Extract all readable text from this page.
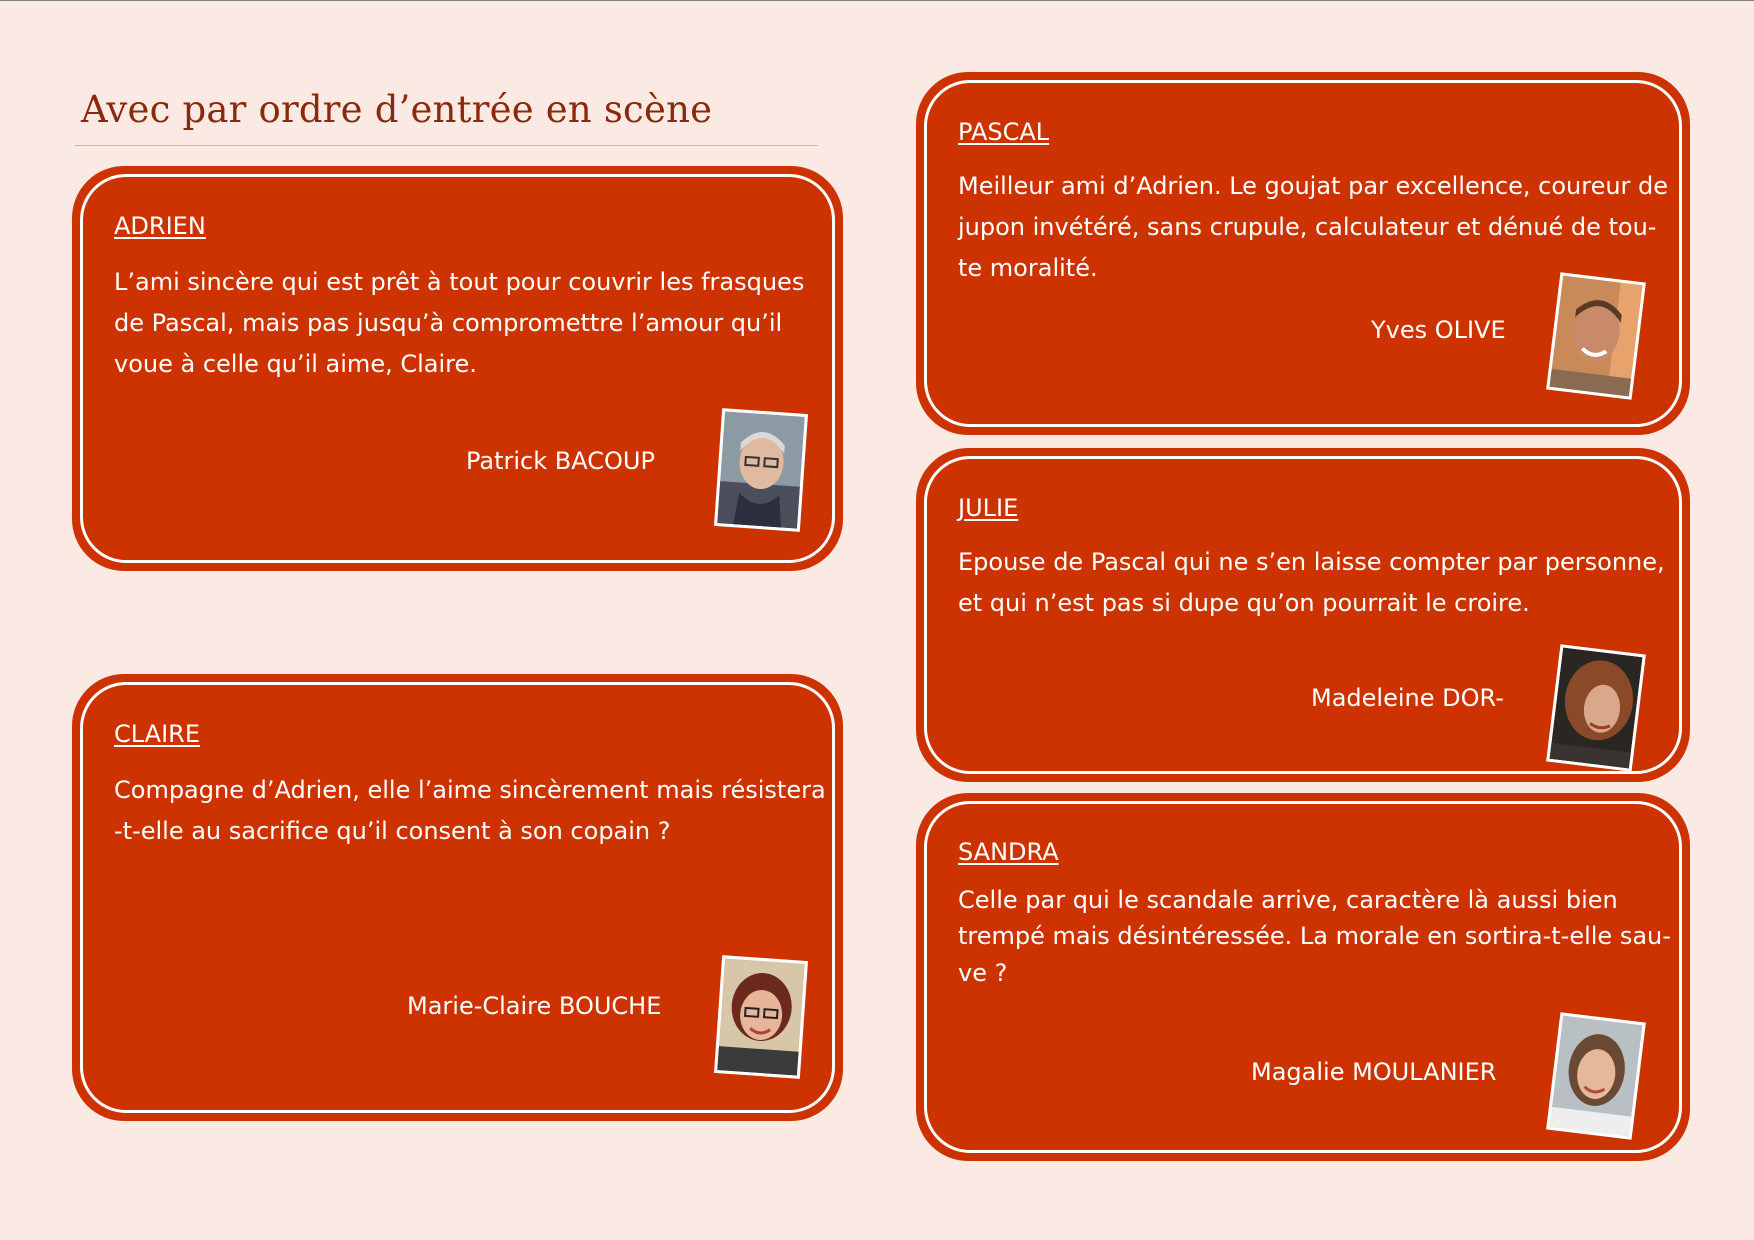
Avec par ordre d’entrée en scène

ADRIEN

L’ami sincère qui est prêt à tout pour couvrir les frasques

de Pascal, mais pas jusqu’à compromettre l’amour qu’il

voue à celle qu’il aime, Claire.

Patrick BACOUP

CLAIRE

Compagne d’Adrien, elle l’aime sincèrement mais résistera

-t-elle au sacrifice qu’il consent à son copain ?

Marie-Claire BOUCHE

PASCAL

Meilleur ami d’Adrien. Le goujat par excellence, coureur de

jupon invétéré, sans crupule, calculateur et dénué de tou-

te moralité.

Yves OLIVE

JULIE

Epouse de Pascal qui ne s’en laisse compter par personne,

et qui n’est pas si dupe qu’on pourrait le croire.

Madeleine DOR-

SANDRA

Celle par qui le scandale arrive, caractère là aussi bien

trempé mais désintéressée. La morale en sortira-t-elle sau-

ve ?

Magalie MOULANIER
